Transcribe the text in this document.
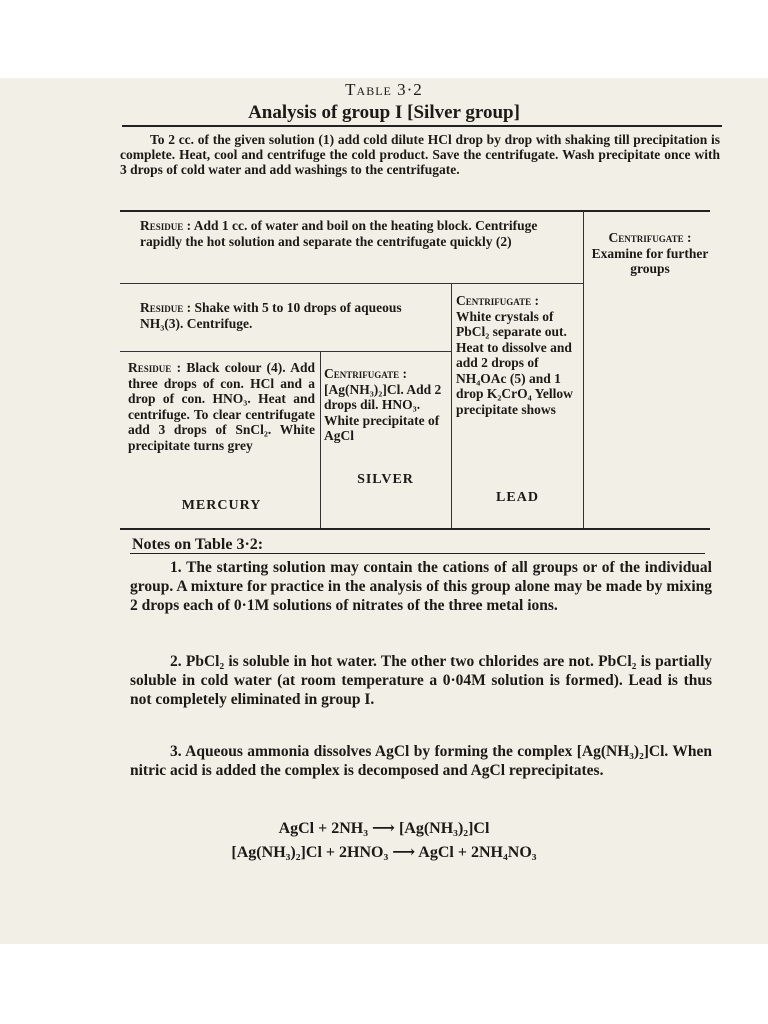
Table 3·2
Analysis of group I [Silver group]
To 2 cc. of the given solution (1) add cold dilute HCl drop by drop with shaking till precipitation is complete. Heat, cool and centrifuge the cold product. Save the centrifugate. Wash precipitate once with 3 drops of cold water and add washings to the centrifugate.
Residue : Add 1 cc. of water and boil on the heating block. Centrifuge rapidly the hot solution and separate the centrifugate quickly (2)	Centrifugate :
Examine for further groups
Residue : Shake with 5 to 10 drops of aqueous NH₃(3). Centrifuge.
Centrifugate :
White crystals of PbCl₂ separate out. Heat to dissolve and add 2 drops of NH₄OAc (5) and 1 drop K₂CrO₄ Yellow precipitate shows
LEAD
Residue : Black colour (4). Add three drops of con. HCl and a drop of con. HNO₃. Heat and centrifuge. To clear centrifugate add 3 drops of SnCl₂. White precipitate turns grey
MERCURY
Centrifugate :
[Ag(NH₃)₂]Cl. Add 2 drops dil. HNO₃. White precipitate of AgCl
SILVER
Notes on Table 3·2:
1. The starting solution may contain the cations of all groups or of the individual group. A mixture for practice in the analysis of this group alone may be made by mixing 2 drops each of 0·1M solutions of nitrates of the three metal ions.
2. PbCl₂ is soluble in hot water. The other two chlorides are not. PbCl₂ is partially soluble in cold water (at room temperature a 0·04M solution is formed). Lead is thus not completely eliminated in group I.
3. Aqueous ammonia dissolves AgCl by forming the complex [Ag(NH₃)₂]Cl. When nitric acid is added the complex is decomposed and AgCl reprecipitates.
AgCl + 2NH₃ ⟶ [Ag(NH₃)₂]Cl
[Ag(NH₃)₂]Cl + 2HNO₃ ⟶ AgCl + 2NH₄NO₃
